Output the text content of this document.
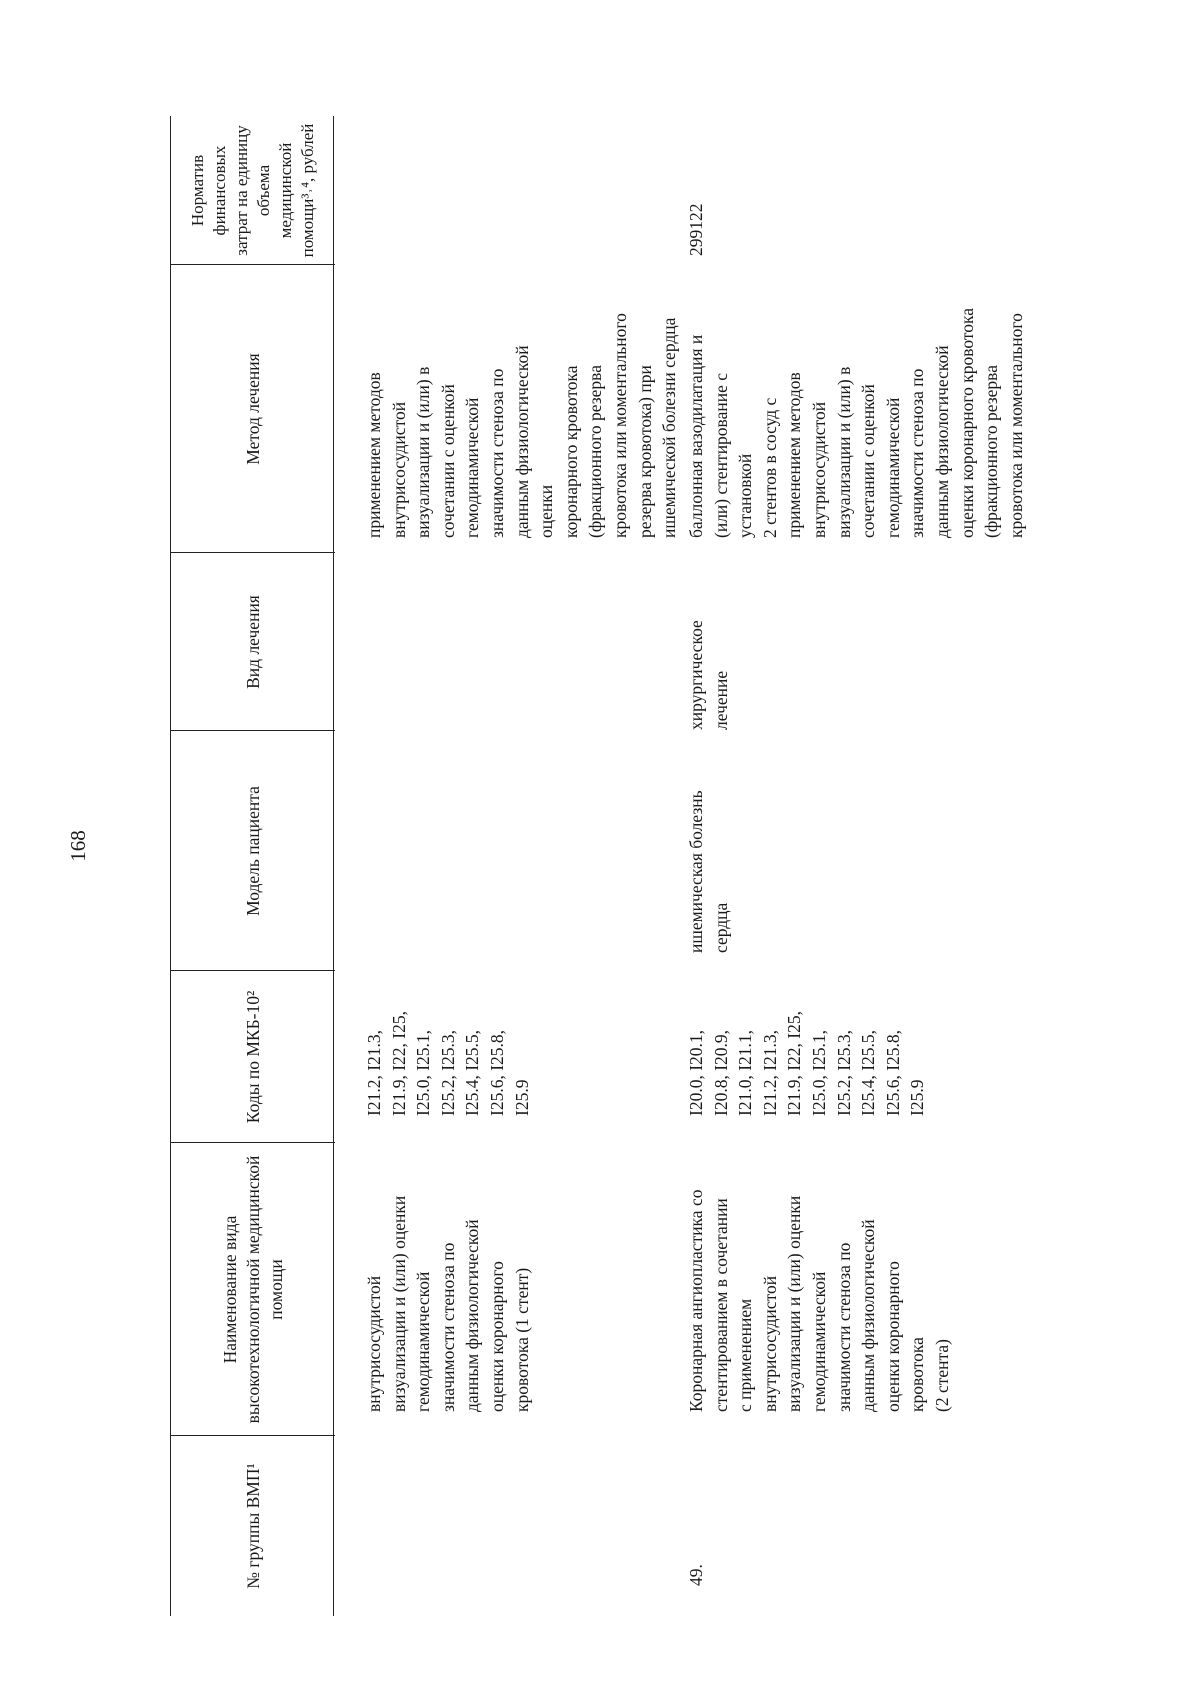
168
№ группы ВМП¹
Наименование вида высокотехнологичной медицинской помощи
Коды по МКБ-10²
Модель пациента
Вид лечения
Метод лечения
Норматив финансовых затрат на единицу объема медицинской помощи³˒⁴, рублей
внутрисосудистой визуализации и (или) оценки гемодинамической значимости стеноза по данным физиологической оценки коронарного кровотока (1 стент)
I21.2, I21.3, I21.9, I22, I25, I25.0, I25.1, I25.2, I25.3, I25.4, I25.5, I25.6, I25.8, I25.9
применением методов внутрисосудистой визуализации и (или) в сочетании с оценкой гемодинамической значимости стеноза по данным физиологической оценки коронарного кровотока (фракционного резерва кровотока или моментального резерва кровотока) при ишемической болезни сердца
49.
Коронарная ангиопластика со стентированием в сочетании с применением внутрисосудистой визуализации и (или) оценки гемодинамической значимости стеноза по данным физиологической оценки коронарного кровотока (2 стента)
I20.0, I20.1, I20.8, I20.9, I21.0, I21.1, I21.2, I21.3, I21.9, I22, I25, I25.0, I25.1, I25.2, I25.3, I25.4, I25.5, I25.6, I25.8, I25.9
ишемическая болезнь сердца
хирургическое лечение
баллонная вазодилатация и (или) стентирование с установкой 2 стентов в сосуд с применением методов внутрисосудистой визуализации и (или) в сочетании с оценкой гемодинамической значимости стеноза по данным физиологической оценки коронарного кровотока (фракционного резерва кровотока или моментального
299122
